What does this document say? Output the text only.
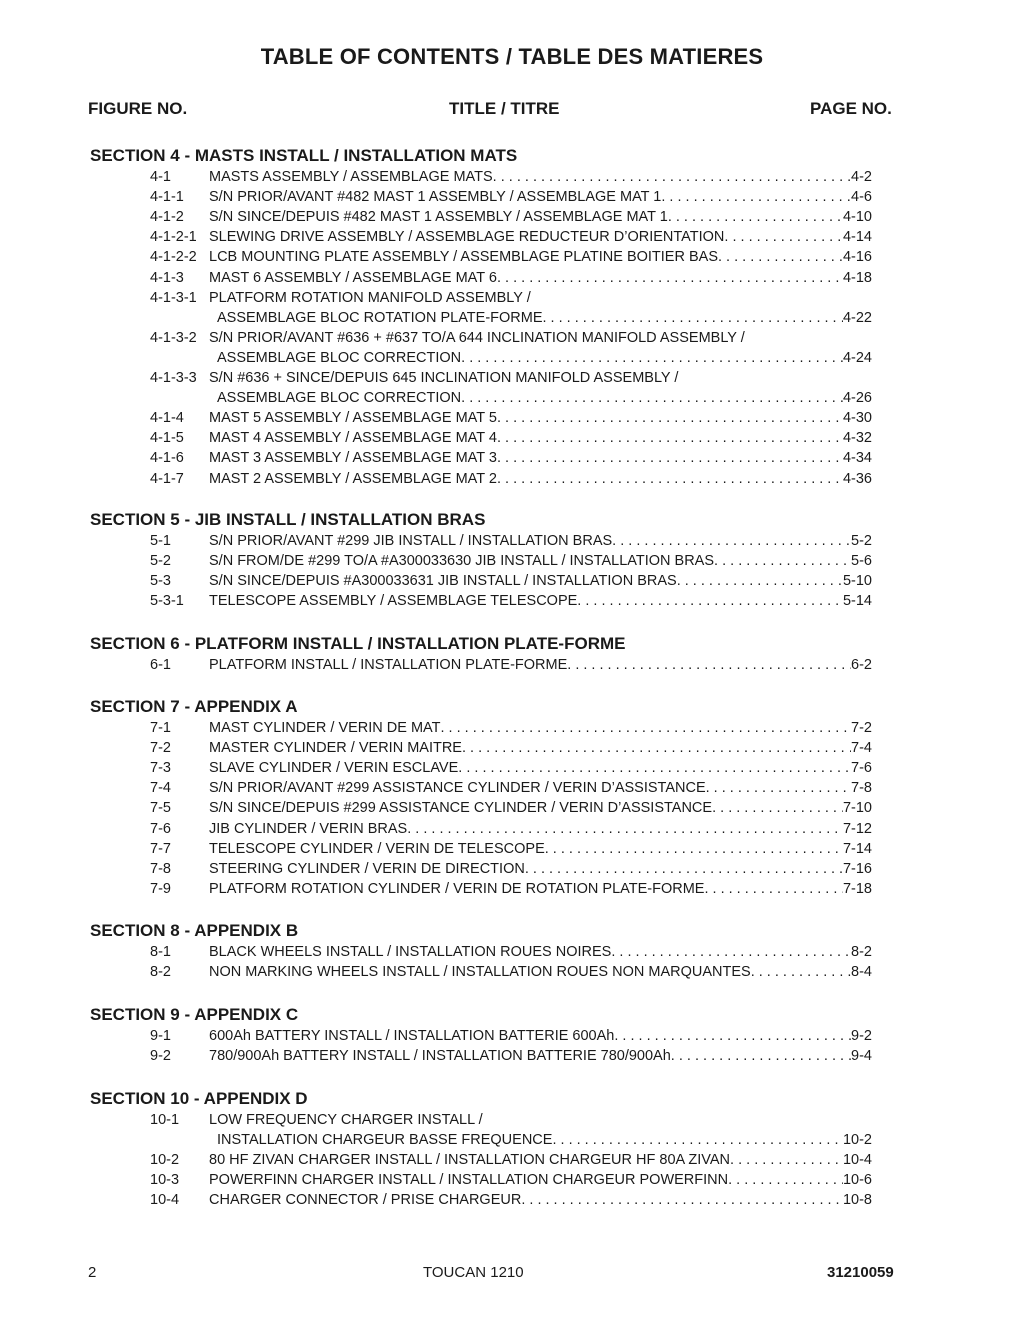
TABLE OF CONTENTS / TABLE DES MATIERES
FIGURE NO.	TITLE / TITRE	PAGE NO.
SECTION 4 - MASTS INSTALL / INSTALLATION MATS
4-1	MASTS ASSEMBLY / ASSEMBLAGE MATS . . .	4-2
4-1-1 S/N PRIOR/AVANT #482 MAST 1 ASSEMBLY / ASSEMBLAGE MAT 1 . . .	4-6
4-1-2 S/N SINCE/DEPUIS #482 MAST 1 ASSEMBLY / ASSEMBLAGE MAT 1 . . .	4-10
4-1-2-1 SLEWING DRIVE ASSEMBLY / ASSEMBLAGE REDUCTEUR D’ORIENTATION . . .	4-14
4-1-2-2 LCB MOUNTING PLATE ASSEMBLY / ASSEMBLAGE PLATINE BOITIER BAS . . .	4-16
4-1-3 MAST 6 ASSEMBLY / ASSEMBLAGE MAT 6 . . .	4-18
4-1-3-1 PLATFORM ROTATION MANIFOLD ASSEMBLY /
ASSEMBLAGE BLOC ROTATION PLATE-FORME . . .	4-22
4-1-3-2 S/N PRIOR/AVANT #636 + #637 TO/A 644 INCLINATION MANIFOLD ASSEMBLY /
ASSEMBLAGE BLOC CORRECTION . . .	4-24
4-1-3-3 S/N #636 + SINCE/DEPUIS 645 INCLINATION MANIFOLD ASSEMBLY /
ASSEMBLAGE BLOC CORRECTION . . .	4-26
4-1-4 MAST 5 ASSEMBLY / ASSEMBLAGE MAT 5 . . .	4-30
4-1-5 MAST 4 ASSEMBLY / ASSEMBLAGE MAT 4 . . .	4-32
4-1-6 MAST 3 ASSEMBLY / ASSEMBLAGE MAT 3 . . .	4-34
4-1-7 MAST 2 ASSEMBLY / ASSEMBLAGE MAT 2 . . .	4-36
SECTION 5 - JIB INSTALL / INSTALLATION BRAS
5-1	S/N PRIOR/AVANT #299 JIB INSTALL / INSTALLATION BRAS . . .	5-2
5-2	S/N FROM/DE #299 TO/A #A300033630 JIB INSTALL / INSTALLATION BRAS . . .	5-6
5-3	S/N SINCE/DEPUIS #A300033631 JIB INSTALL / INSTALLATION BRAS . . .	5-10
5-3-1 TELESCOPE ASSEMBLY / ASSEMBLAGE TELESCOPE . . .	5-14
SECTION 6 - PLATFORM INSTALL / INSTALLATION PLATE-FORME
6-1	PLATFORM INSTALL / INSTALLATION PLATE-FORME . . .	6-2
SECTION 7 - APPENDIX A
7-1	MAST CYLINDER / VERIN DE MAT . . .	7-2
7-2	MASTER CYLINDER / VERIN MAITRE . . .	7-4
7-3	SLAVE CYLINDER / VERIN ESCLAVE . . .	7-6
7-4	S/N PRIOR/AVANT #299 ASSISTANCE CYLINDER / VERIN D’ASSISTANCE . . .	7-8
7-5	S/N SINCE/DEPUIS #299 ASSISTANCE CYLINDER / VERIN D’ASSISTANCE . . .	7-10
7-6	JIB CYLINDER / VERIN BRAS . . .	7-12
7-7	TELESCOPE CYLINDER / VERIN DE TELESCOPE . . .	7-14
7-8	STEERING CYLINDER / VERIN DE DIRECTION . . .	7-16
7-9	PLATFORM ROTATION CYLINDER / VERIN DE ROTATION PLATE-FORME . . .	7-18
SECTION 8 - APPENDIX B
8-1	BLACK WHEELS INSTALL / INSTALLATION ROUES NOIRES . . .	8-2
8-2	NON MARKING WHEELS INSTALL / INSTALLATION ROUES NON MARQUANTES . . .	8-4
SECTION 9 - APPENDIX C
9-1	600Ah BATTERY INSTALL / INSTALLATION BATTERIE 600Ah . . .	9-2
9-2	780/900Ah BATTERY INSTALL / INSTALLATION BATTERIE 780/900Ah . . .	9-4
SECTION 10 - APPENDIX D
10-1 LOW FREQUENCY CHARGER INSTALL /
INSTALLATION CHARGEUR BASSE FREQUENCE . . .	10-2
10-2 80 HF ZIVAN CHARGER INSTALL / INSTALLATION CHARGEUR HF 80A ZIVAN . . .	10-4
10-3 POWERFINN CHARGER INSTALL / INSTALLATION CHARGEUR POWERFINN . . .	10-6
10-4 CHARGER CONNECTOR / PRISE CHARGEUR . . .	10-8
2	TOUCAN 1210	31210059
